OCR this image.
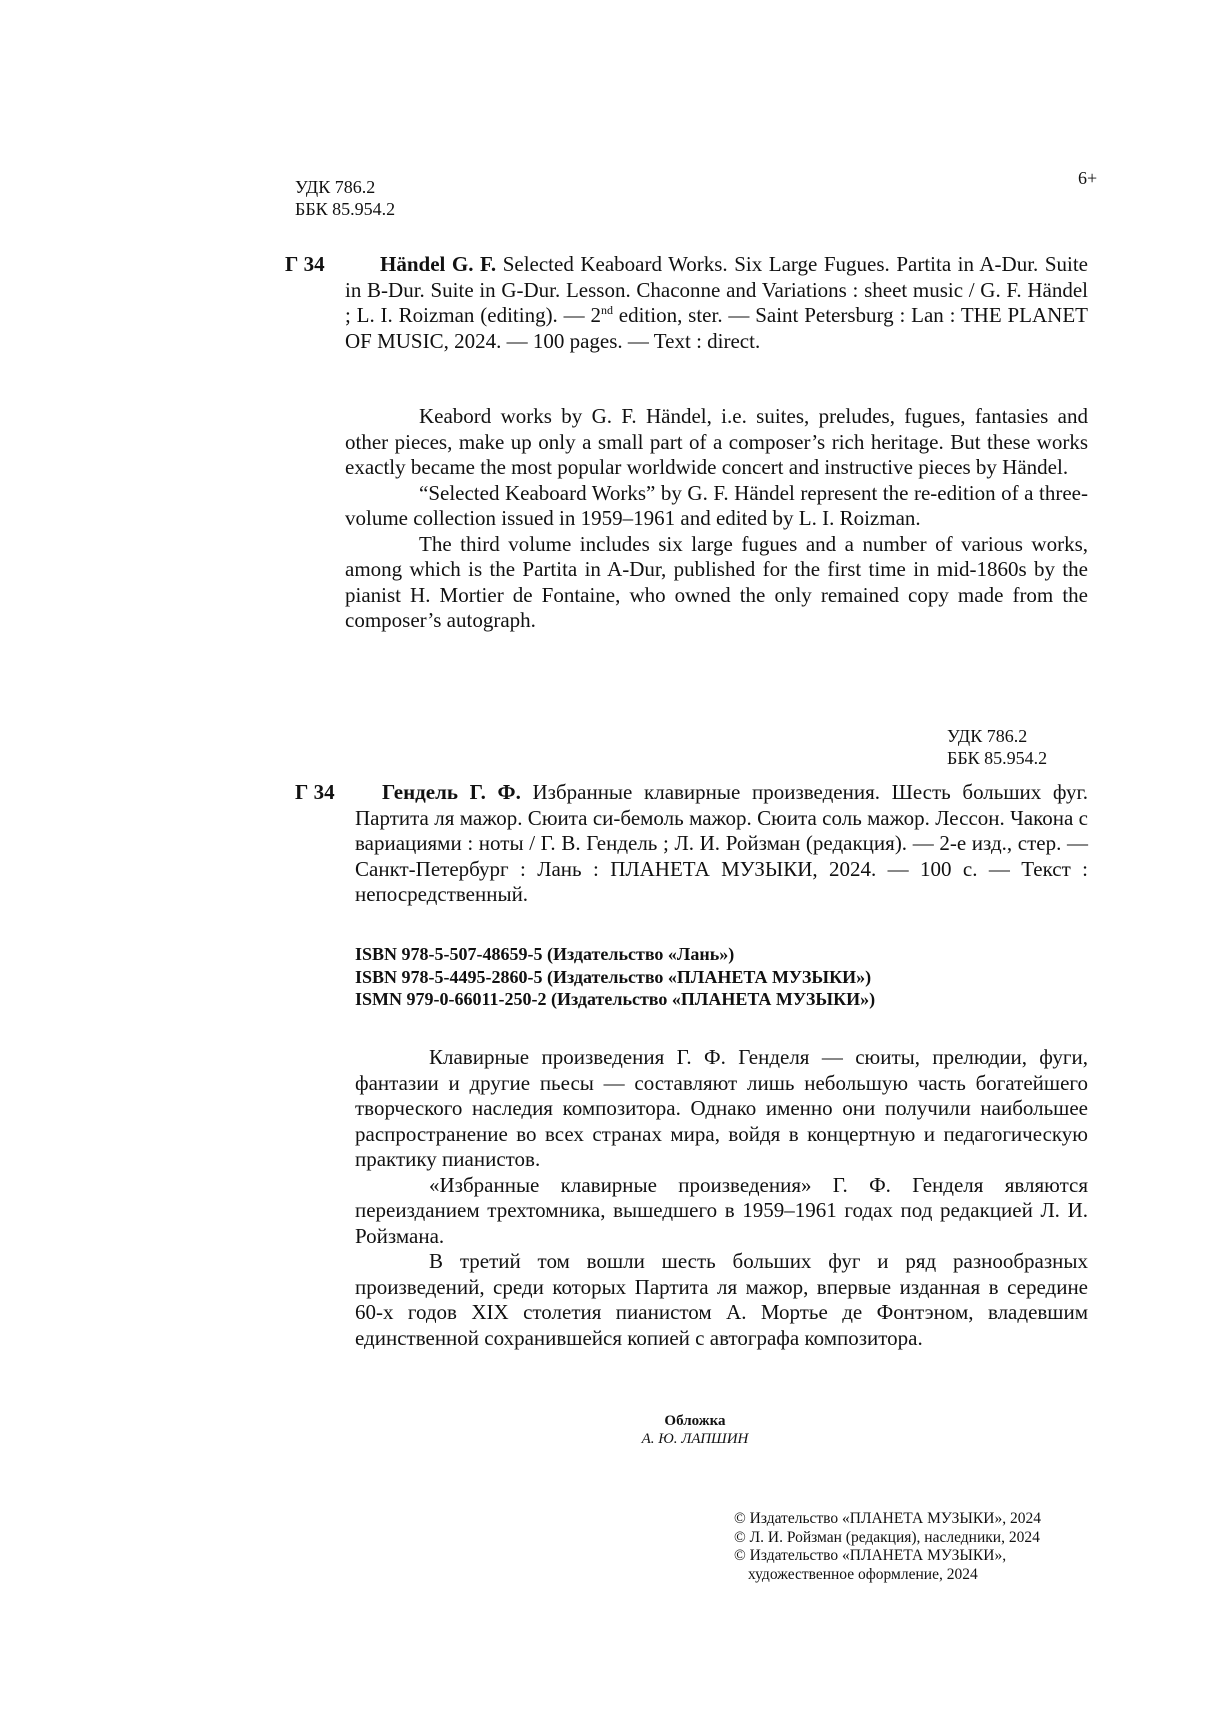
УДК 786.2
ББК 85.954.2
6+
Г 34	Händel G. F. Selected Keaboard Works. Six Large Fugues. Partita in A-Dur. Suite in B-Dur. Suite in G-Dur. Lesson. Chaconne and Variations : sheet music / G. F. Händel ; L. I. Roizman (editing). — 2nd edition, ster. — Saint Petersburg : Lan : THE PLANET OF MUSIC, 2024. — 100 pages. — Text : direct.

Keabord works by G. F. Händel, i.e. suites, preludes, fugues, fantasies and other pieces, make up only a small part of a composer’s rich heritage. But these works exactly became the most popular worldwide concert and instructive pieces by Händel.

“Selected Keaboard Works” by G. F. Händel represent the re-edition of a three-volume collection issued in 1959–1961 and edited by L. I. Roizman.

The third volume includes six large fugues and a number of various works, among which is the Partita in A-Dur, published for the first time in mid-1860s by the pianist H. Mortier de Fontaine, who owned the only remained copy made from the composer’s autograph.

УДК 786.2
ББК 85.954.2
Г 34	Гендель Г. Ф. Избранные клавирные произведения. Шесть больших фуг. Партита ля мажор. Сюита си-бемоль мажор. Сюита соль мажор. Лессон. Чакона с вариациями : ноты / Г. В. Гендель ; Л. И. Ройзман (редакция). — 2-е изд., стер. — Санкт-Петербург : Лань : ПЛАНЕТА МУЗЫКИ, 2024. — 100 с. — Текст : непосредственный.
ISBN 978-5-507-48659-5 (Издательство «Лань»)
ISBN 978-5-4495-2860-5 (Издательство «ПЛАНЕТА МУЗЫКИ»)
ISMN 979-0-66011-250-2 (Издательство «ПЛАНЕТА МУЗЫКИ»)

Клавирные произведения Г. Ф. Генделя — сюиты, прелюдии, фуги, фантазии и другие пьесы — составляют лишь небольшую часть богатейшего творческого наследия композитора. Однако именно они получили наибольшее распространение во всех странах мира, войдя в концертную и педагогическую практику пианистов.

«Избранные клавирные произведения» Г. Ф. Генделя являются переизданием трехтомника, вышедшего в 1959–1961 годах под редакцией Л. И. Ройзмана.

В третий том вошли шесть больших фуг и ряд разнообразных произведений, среди которых Партита ля мажор, впервые изданная в середине 60-х годов XIX столетия пианистом А. Мортье де Фонтэном, владевшим единственной сохранившейся копией с автографа композитора.

Обложка
А. Ю. ЛАПШИН
© Издательство «ПЛАНЕТА МУЗЫКИ», 2024
© Л. И. Ройзман (редакция), наследники, 2024
© Издательство «ПЛАНЕТА МУЗЫКИ»,
художественное оформление, 2024
